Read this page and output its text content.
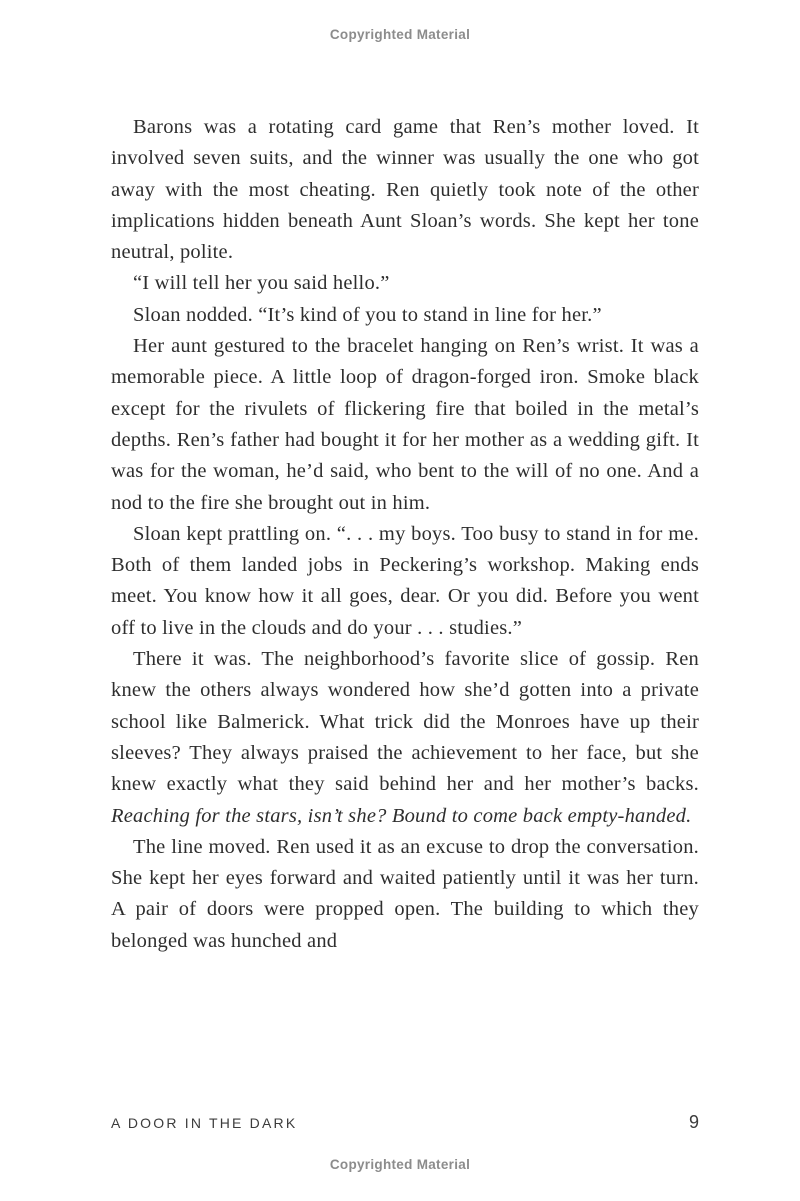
Copyrighted Material

Barons was a rotating card game that Ren’s mother loved. It involved seven suits, and the winner was usually the one who got away with the most cheating. Ren quietly took note of the other implications hidden beneath Aunt Sloan’s words. She kept her tone neutral, polite.

“I will tell her you said hello.”

Sloan nodded. “It’s kind of you to stand in line for her.”

Her aunt gestured to the bracelet hanging on Ren’s wrist. It was a memorable piece. A little loop of dragon-forged iron. Smoke black except for the rivulets of flickering fire that boiled in the metal’s depths. Ren’s father had bought it for her mother as a wedding gift. It was for the woman, he’d said, who bent to the will of no one. And a nod to the fire she brought out in him.

Sloan kept prattling on. “. . . my boys. Too busy to stand in for me. Both of them landed jobs in Peckering’s workshop. Making ends meet. You know how it all goes, dear. Or you did. Before you went off to live in the clouds and do your . . . studies.”

There it was. The neighborhood’s favorite slice of gossip. Ren knew the others always wondered how she’d gotten into a private school like Balmerick. What trick did the Monroes have up their sleeves? They always praised the achievement to her face, but she knew exactly what they said behind her and her mother’s backs. Reaching for the stars, isn’t she? Bound to come back empty-handed.

The line moved. Ren used it as an excuse to drop the conversation. She kept her eyes forward and waited patiently until it was her turn. A pair of doors were propped open. The building to which they belonged was hunched and

A DOOR IN THE DARK	9
Copyrighted Material
